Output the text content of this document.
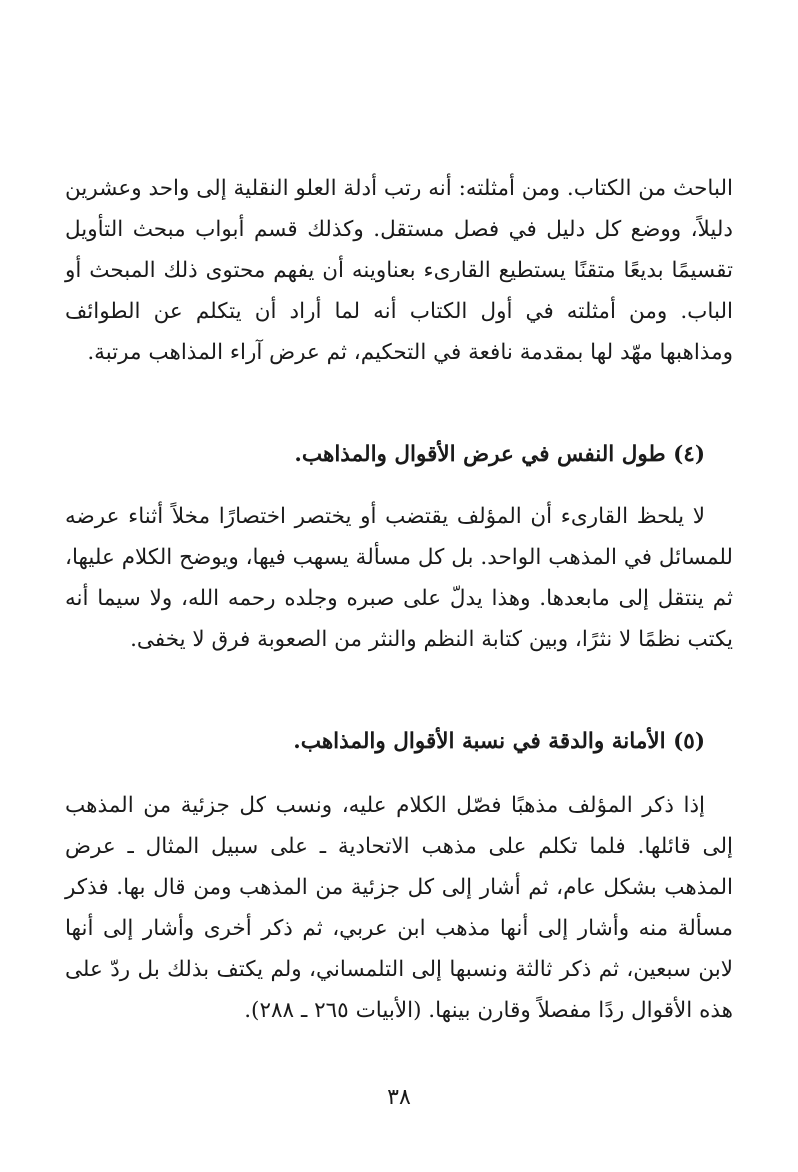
الباحث من الكتاب. ومن أمثلته: أنه رتب أدلة العلو النقلية إلى واحد وعشرين دليلاً، ووضع كل دليل في فصل مستقل. وكذلك قسم أبواب مبحث التأويل تقسيمًا بديعًا متقنًا يستطيع القارىء بعناوينه أن يفهم محتوى ذلك المبحث أو الباب. ومن أمثلته في أول الكتاب أنه لما أراد أن يتكلم عن الطوائف ومذاهبها مهّد لها بمقدمة نافعة في التحكيم، ثم عرض آراء المذاهب مرتبة.

(٤) طول النفس في عرض الأقوال والمذاهب.

لا يلحظ القارىء أن المؤلف يقتضب أو يختصر اختصارًا مخلاً أثناء عرضه للمسائل في المذهب الواحد. بل كل مسألة يسهب فيها، ويوضح الكلام عليها، ثم ينتقل إلى مابعدها. وهذا يدلّ على صبره وجلده رحمه الله، ولا سيما أنه يكتب نظمًا لا نثرًا، وبين كتابة النظم والنثر من الصعوبة فرق لا يخفى.

(٥) الأمانة والدقة في نسبة الأقوال والمذاهب.

إذا ذكر المؤلف مذهبًا فصّل الكلام عليه، ونسب كل جزئية من المذهب إلى قائلها. فلما تكلم على مذهب الاتحادية ـ على سبيل المثال ـ عرض المذهب بشكل عام، ثم أشار إلى كل جزئية من المذهب ومن قال بها. فذكر مسألة منه وأشار إلى أنها مذهب ابن عربي، ثم ذكر أخرى وأشار إلى أنها لابن سبعين، ثم ذكر ثالثة ونسبها إلى التلمساني، ولم يكتف بذلك بل ردّ على هذه الأقوال ردًا مفصلاً وقارن بينها. (الأبيات ٢٦٥ ـ ٢٨٨).

٣٨
